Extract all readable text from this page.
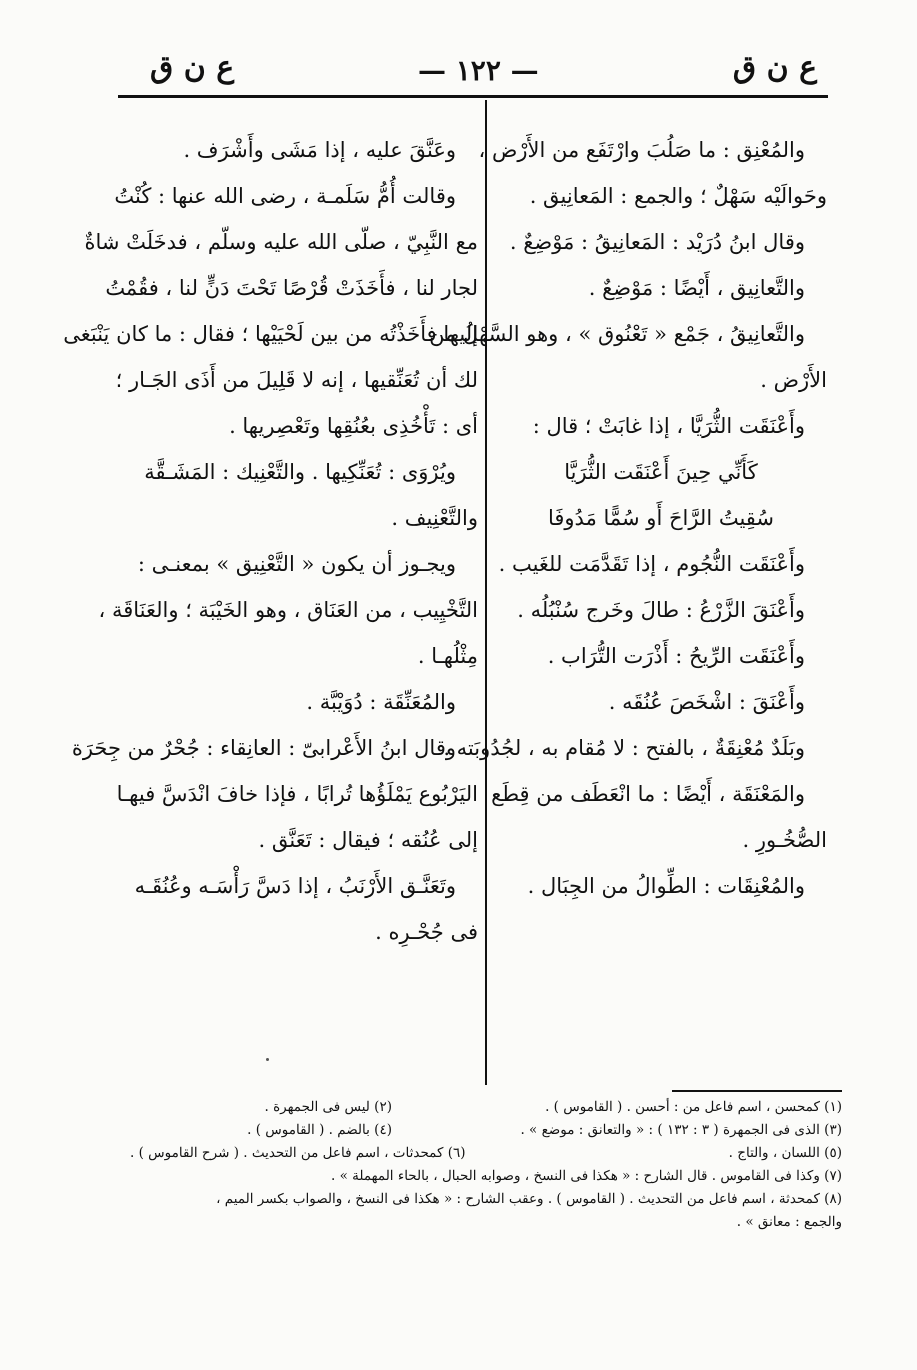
ع ن ق
— ١٢٢ —
ع ن ق
والمُعْنِق : ما صَلُبَ وارْتَفَع من الأَرْض ،
وحَوالَيْه سَهْلٌ ؛ والجمع : المَعانِيق .
وقال ابنُ دُرَيْد : المَعانِيقُ : مَوْضِعٌ .
والتَّعانِيق ، أَيْضًا : مَوْضِعٌ .
والتَّعانِيقُ ، جَمْع « تَعْنُوق » ، وهو السَّهْلُ من
الأَرْض .
وأَعْنَقَت الثُّرَيَّا ، إذا غابَتْ ؛ قال :
كَأَنِّي حِينَ أَعْنَقَت الثُّرَيَّا
سُقِيتُ الرَّاحَ أَو سُمًّا مَدُوفَا
وأَعْنَقَت النُّجُوم ، إذا تَقَدَّمَت للغَيب .
وأَعْنَقَ الزَّرْعُ : طالَ وخَرج سُنْبُلُه .
وأَعْنَقَت الرِّيحُ : أَذْرَت التُّرَاب .
وأَعْنَقَ : اشْخَصَ عُنُقَه .
وبَلَدٌ مُعْنِقَةٌ ، بالفتح : لا مُقام به ، لجُدُوبَته .
والمَعْنَقَة ، أَيْضًا : ما انْعَطَف من قِطَع
الصُّخُـورِ .
والمُعْنِقَات : الطِّوالُ من الجِبَال .
وعَنَّقَ عليه ، إذا مَشَى وأَشْرَف .
وقالت أُمُّ سَلَمـة ، رضى الله عنها : كُنْتُ
مع النَّبِيّ ، صلّى الله عليه وسلّم ، فدخَلَتْ شاةٌ
لجار لنا ، فأَخَذَتْ قُرْصًا تَحْتَ دَنٍّ لنا ، فقُمْتُ
إليها فأَخَذْتُه من بين لَحْيَيْها ؛ فقال : ما كان يَنْبَغى
لك أن تُعَنِّقيها ، إنه لا قَلِيلَ من أَذَى الجَـار ؛
أى : تَأْخُذِى بعُنُقِها وتَعْصِريها .
ويُرْوَى : تُعَنِّكِيها . والتَّعْنِيك : المَشَـقَّة
والتَّعْنِيف .
ويجـوز أن يكون « التَّعْنِيق » بمعنـى :
التَّخْيِيب ، من العَنَاق ، وهو الخَيْبَة ؛ والعَنَاقَة ،
مِثْلُهـا .
والمُعَنِّقَة : دُوَيْبَّة .
وقال ابنُ الأَعْرابىّ : العانِقاء : جُحْرٌ من جِحَرَة
اليَرْبُوع يَمْلَؤُها تُرابًا ، فإذا خافَ انْدَسَّ فيهـا
إلى عُنُقه ؛ فيقال : تَعَنَّق .
وتَعَنَّـق الأَرْنَبُ ، إذا دَسَّ رَأْسَـه وعُنُقَـه
فى جُحْـرِه .
(١) كمحسن ، اسم فاعل من : أحسن . ( القاموس ) .
(٢) ليس فى الجمهرة .
(٣) الذى فى الجمهرة ( ٣ : ١٣٢ ) : « والتعانق : موضع » .
(٤) بالضم . ( القاموس ) .
(٥) اللسان ، والتاج .
(٦) كمحدثات ، اسم فاعل من التحديث . ( شرح القاموس ) .
(٧) وكذا فى القاموس . قال الشارح : « هكذا فى النسخ ، وصوابه الحبال ، بالحاء المهملة » .
(٨) كمحدثة ، اسم فاعل من التحديث . ( القاموس ) . وعقب الشارح : « هكذا فى النسخ ، والصواب بكسر الميم ،
والجمع : معانق » .
